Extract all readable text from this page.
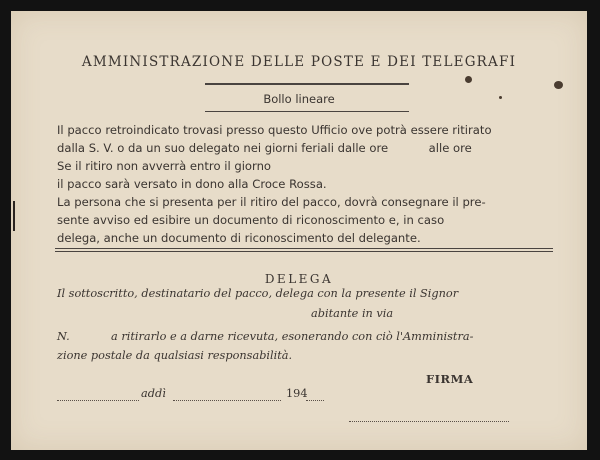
AMMINISTRAZIONE DELLE POSTE E DEI TELEGRAFI
Bollo lineare
Il pacco retroindicato trovasi presso questo Ufficio ove potrà essere ritirato
dalla S. V. o da un suo delegato nei giorni feriali dalle ore           alle ore
Se il ritiro non avverrà entro il giorno
il pacco sarà versato in dono alla Croce Rossa.
La persona che si presenta per il ritiro del pacco, dovrà consegnare il pre-
sente avviso ed esibire un documento di riconoscimento e, in caso
delega, anche un documento di riconoscimento del delegante.
DELEGA
Il sottoscritto, destinatario del pacco, delega con la presente il Signor
abitante in via
N.	a ritirarlo e a darne ricevuta, esonerando con ciò l'Amministra-
zione postale da qualsiasi responsabilità.
FIRMA
addì	194
